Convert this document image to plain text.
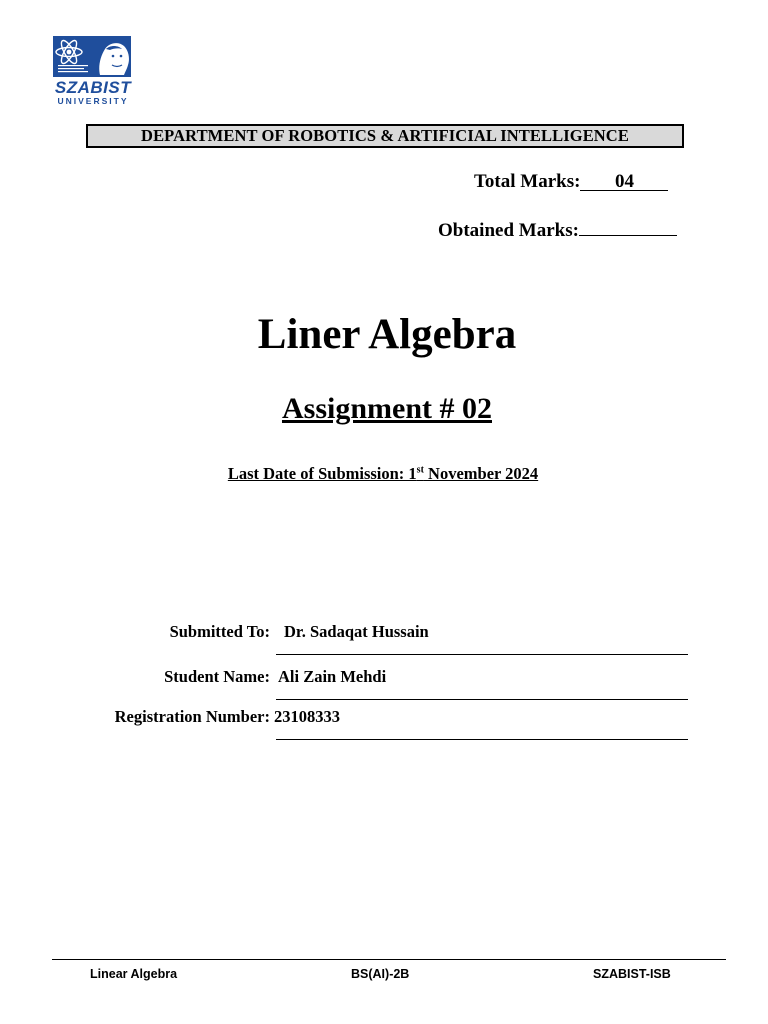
SZABIST
UNIVERSITY
DEPARTMENT OF ROBOTICS & ARTIFICIAL INTELLIGENCE
Total Marks: 04
Obtained Marks:
Liner Algebra
Assignment # 02
Last Date of Submission: 1st November 2024
Submitted To: Dr. Sadaqat Hussain
Student Name: Ali Zain Mehdi
Registration Number: 23108333
Linear Algebra	BS(AI)-2B	SZABIST-ISB
